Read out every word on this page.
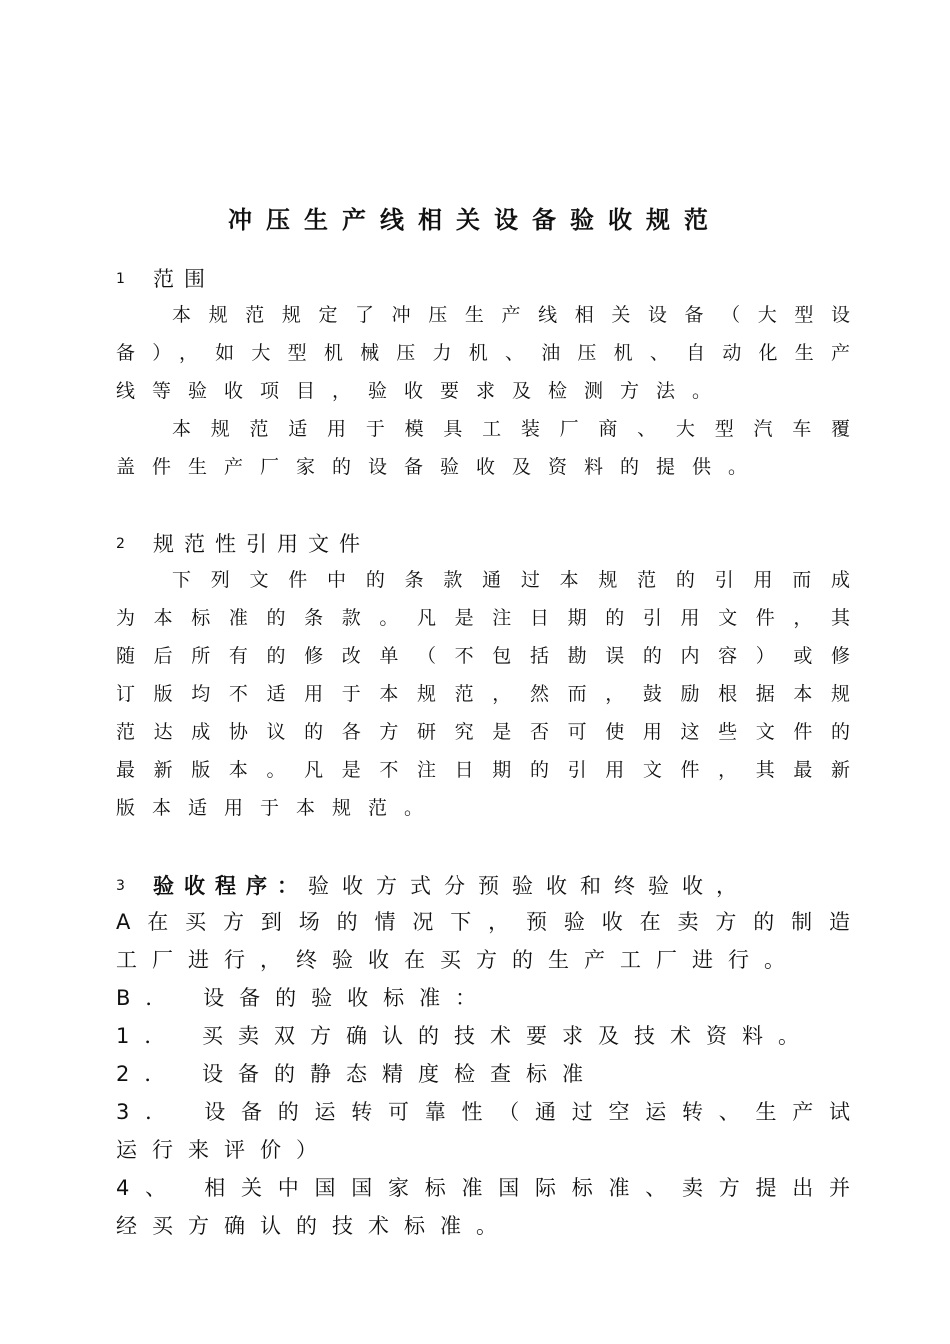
冲压生产线相关设备验收规范
1 范围
本规范规定了冲压生产线相关设备（大型设
备），如大型机械压力机、油压机、自动化生产
线等验收项目，验收要求及检测方法。
本规范适用于模具工装厂商、大型汽车覆
盖件生产厂家的设备验收及资料的提供。
2 规范性引用文件
下列文件中的条款通过本规范的引用而成
为本标准的条款。凡是注日期的引用文件，其
随后所有的修改单（不包括勘误的内容）或修
订版均不适用于本规范，然而，鼓励根据本规
范达成协议的各方研究是否可使用这些文件的
最新版本。凡是不注日期的引用文件，其最新
版本适用于本规范。
3 验收程序：验收方式分预验收和终验收，
A在买方到场的情况下，预验收在卖方的制造
工厂进行，终验收在买方的生产工厂进行。
B． 设备的验收标准：
1． 买卖双方确认的技术要求及技术资料。
2． 设备的静态精度检查标准
3． 设备的运转可靠性（通过空运转、生产试
运行来评价）
4、 相关中国国家标准国际标准、卖方提出并
经买方确认的技术标准。
